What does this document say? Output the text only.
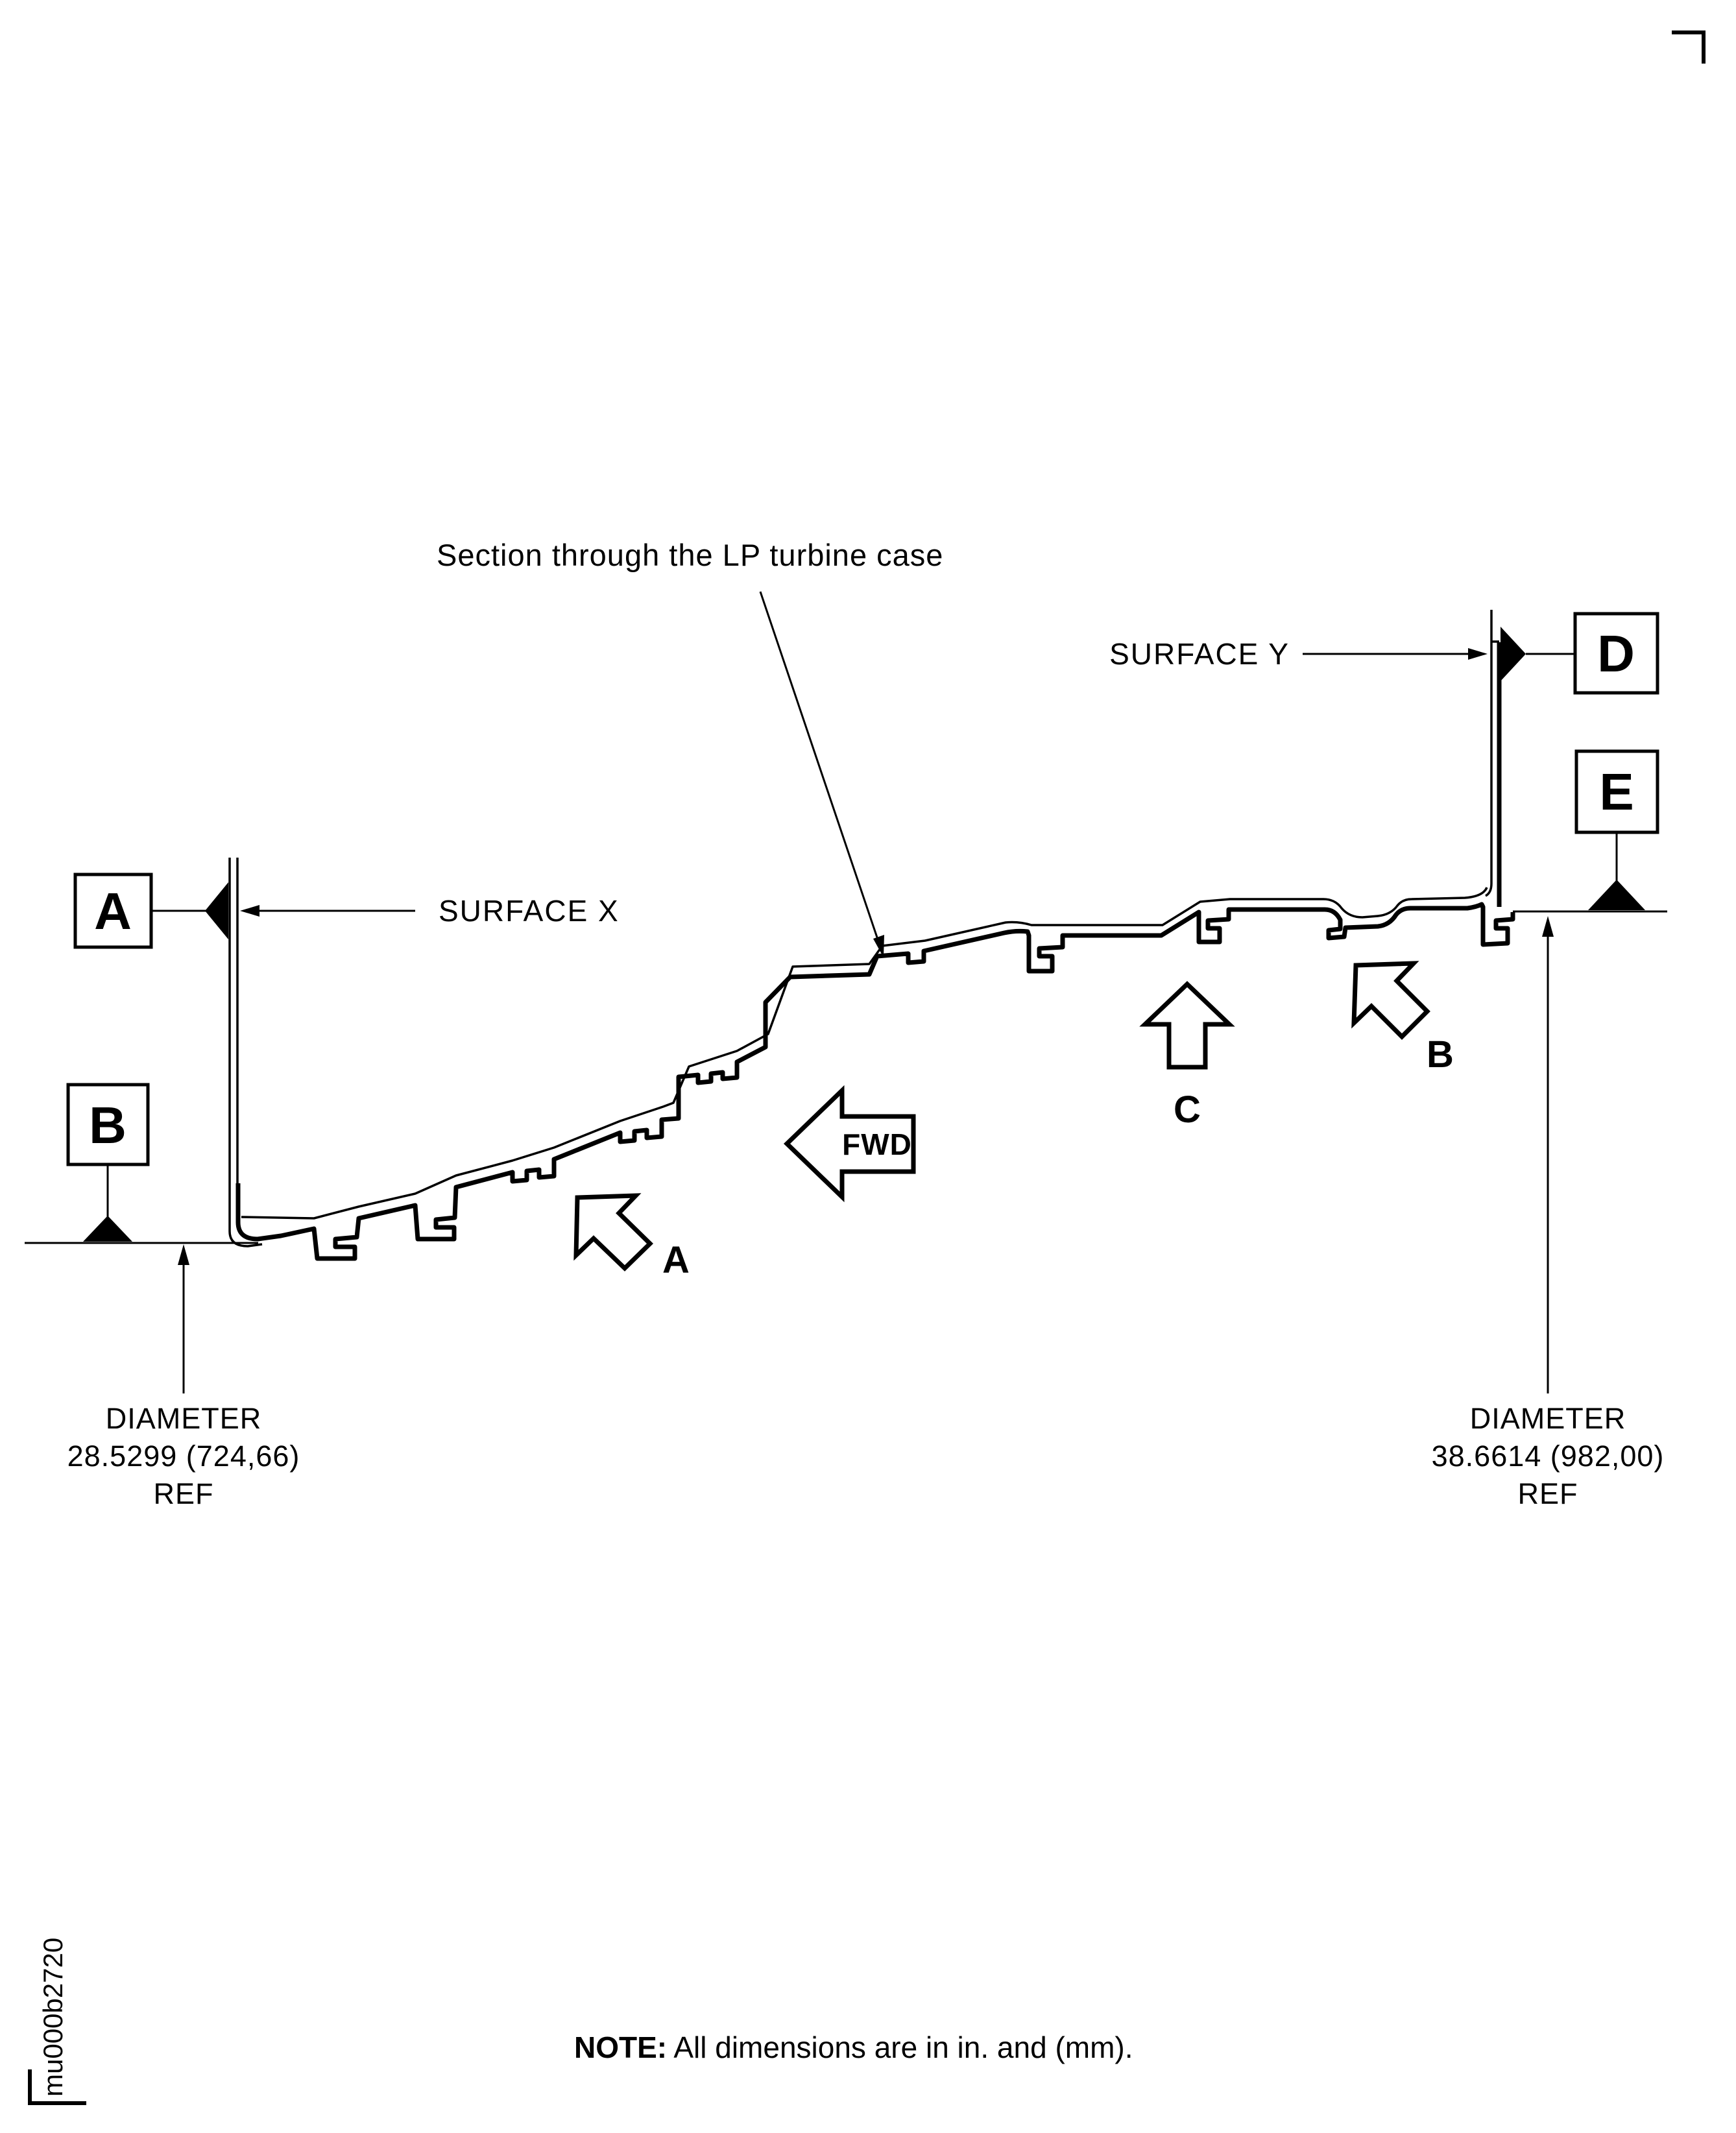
Section through the LP turbine case
A	SURFACE X
B
DIAMETER
28.5299 (724,66)
REF
SURFACE Y	D
E
DIAMETER
38.6614 (982,00)
REF
FWD
C
B
A
NOTE: All dimensions are in in. and (mm).
mu000b2720
